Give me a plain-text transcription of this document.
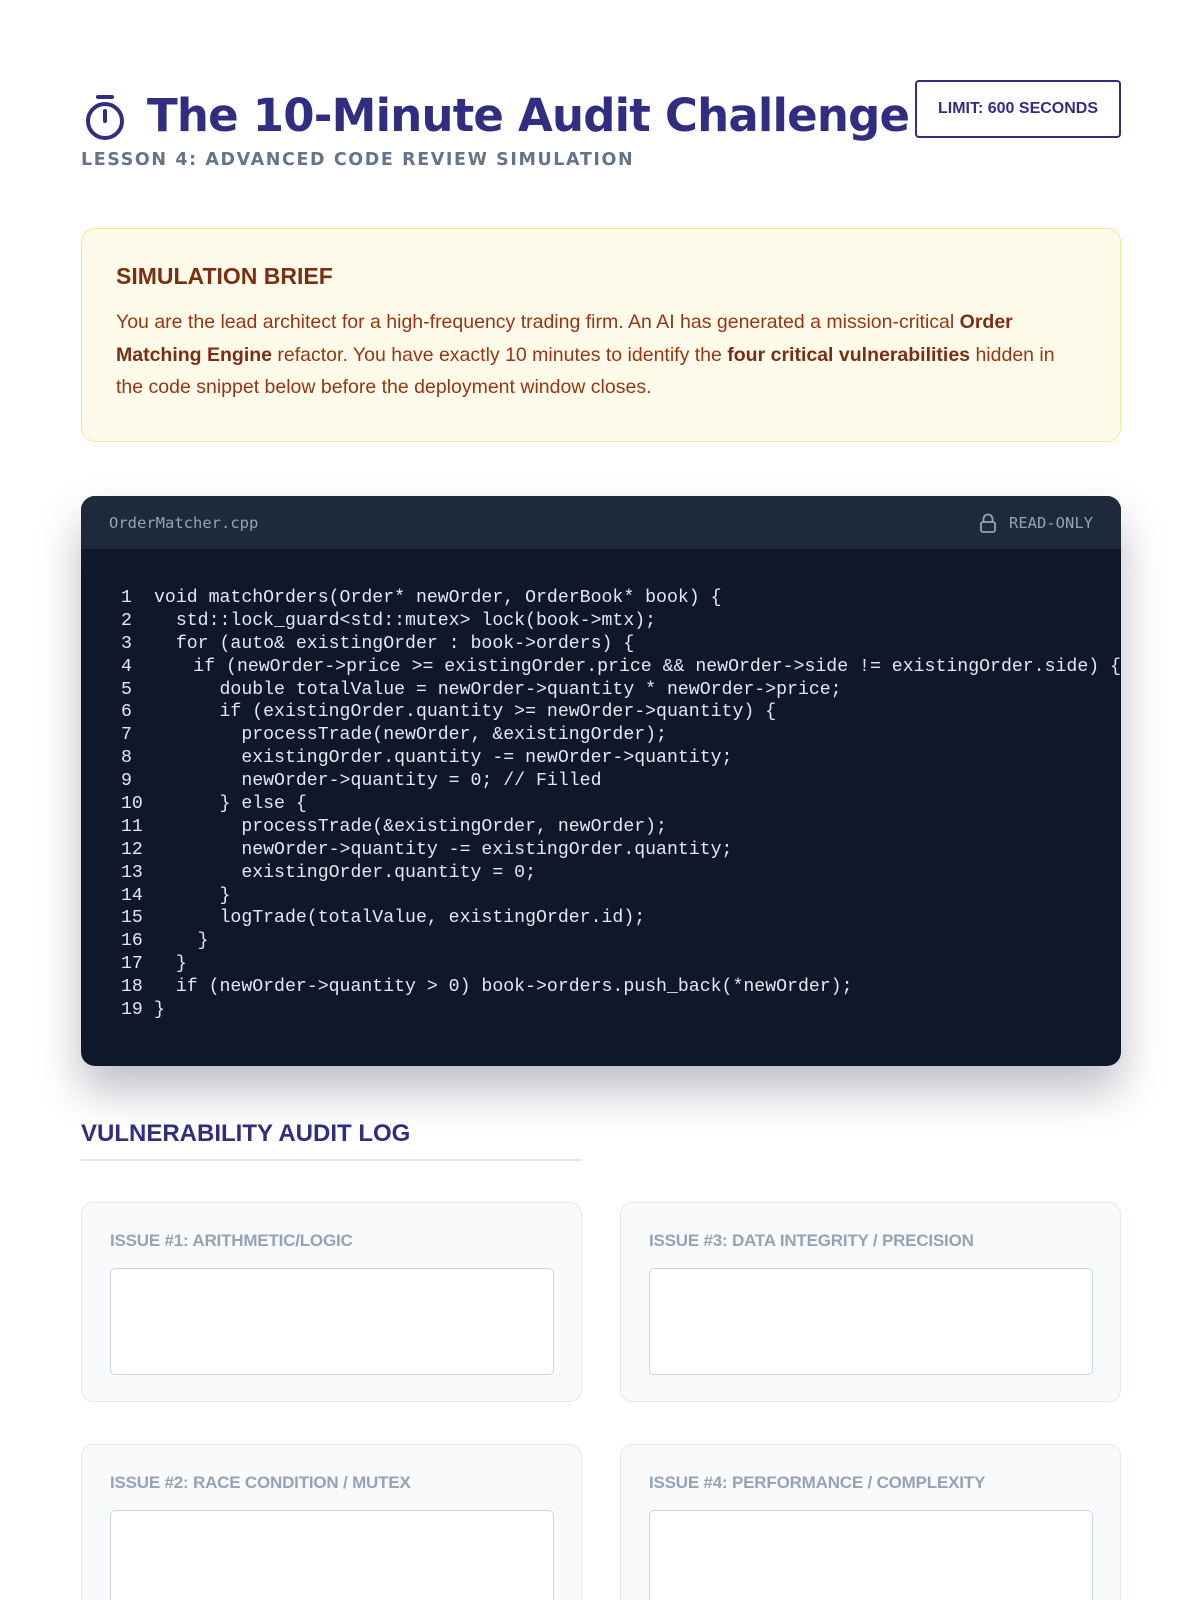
The 10-Minute Audit Challenge
LESSON 4: ADVANCED CODE REVIEW SIMULATION
LIMIT: 600 SECONDS
SIMULATION BRIEF

You are the lead architect for a high-frequency trading firm. An AI has generated a mission-critical Order Matching Engine refactor. You have exactly 10 minutes to identify the four critical vulnerabilities hidden in the code snippet below before the deployment window closes.

OrderMatcher.cpp	READ-ONLY
1	void matchOrders(Order* newOrder, OrderBook* book) {
2	std::lock_guard<std::mutex> lock(book->mtx);
3	for (auto& existingOrder : book->orders) {
4 if (newOrder->price >= existingOrder.price && newOrder->side != existingOrder.side) {
5	double totalValue = newOrder->quantity * newOrder->price;
6	if (existingOrder.quantity >= newOrder->quantity) {
7	processTrade(newOrder, &existingOrder);
8	existingOrder.quantity -= newOrder->quantity;
9	newOrder->quantity = 0; // Filled
10 } else {
11 processTrade(&existingOrder, newOrder);
12 newOrder->quantity -= existingOrder.quantity;
13 existingOrder.quantity = 0;
14 }
15 logTrade(totalValue, existingOrder.id);
16 }
17 }
18 if (newOrder->quantity > 0) book->orders.push_back(*newOrder);
19 }
VULNERABILITY AUDIT LOG
ISSUE #1: ARITHMETIC/LOGIC	ISSUE #3: DATA INTEGRITY / PRECISION
ISSUE #2: RACE CONDITION / MUTEX	ISSUE #4: PERFORMANCE / COMPLEXITY
